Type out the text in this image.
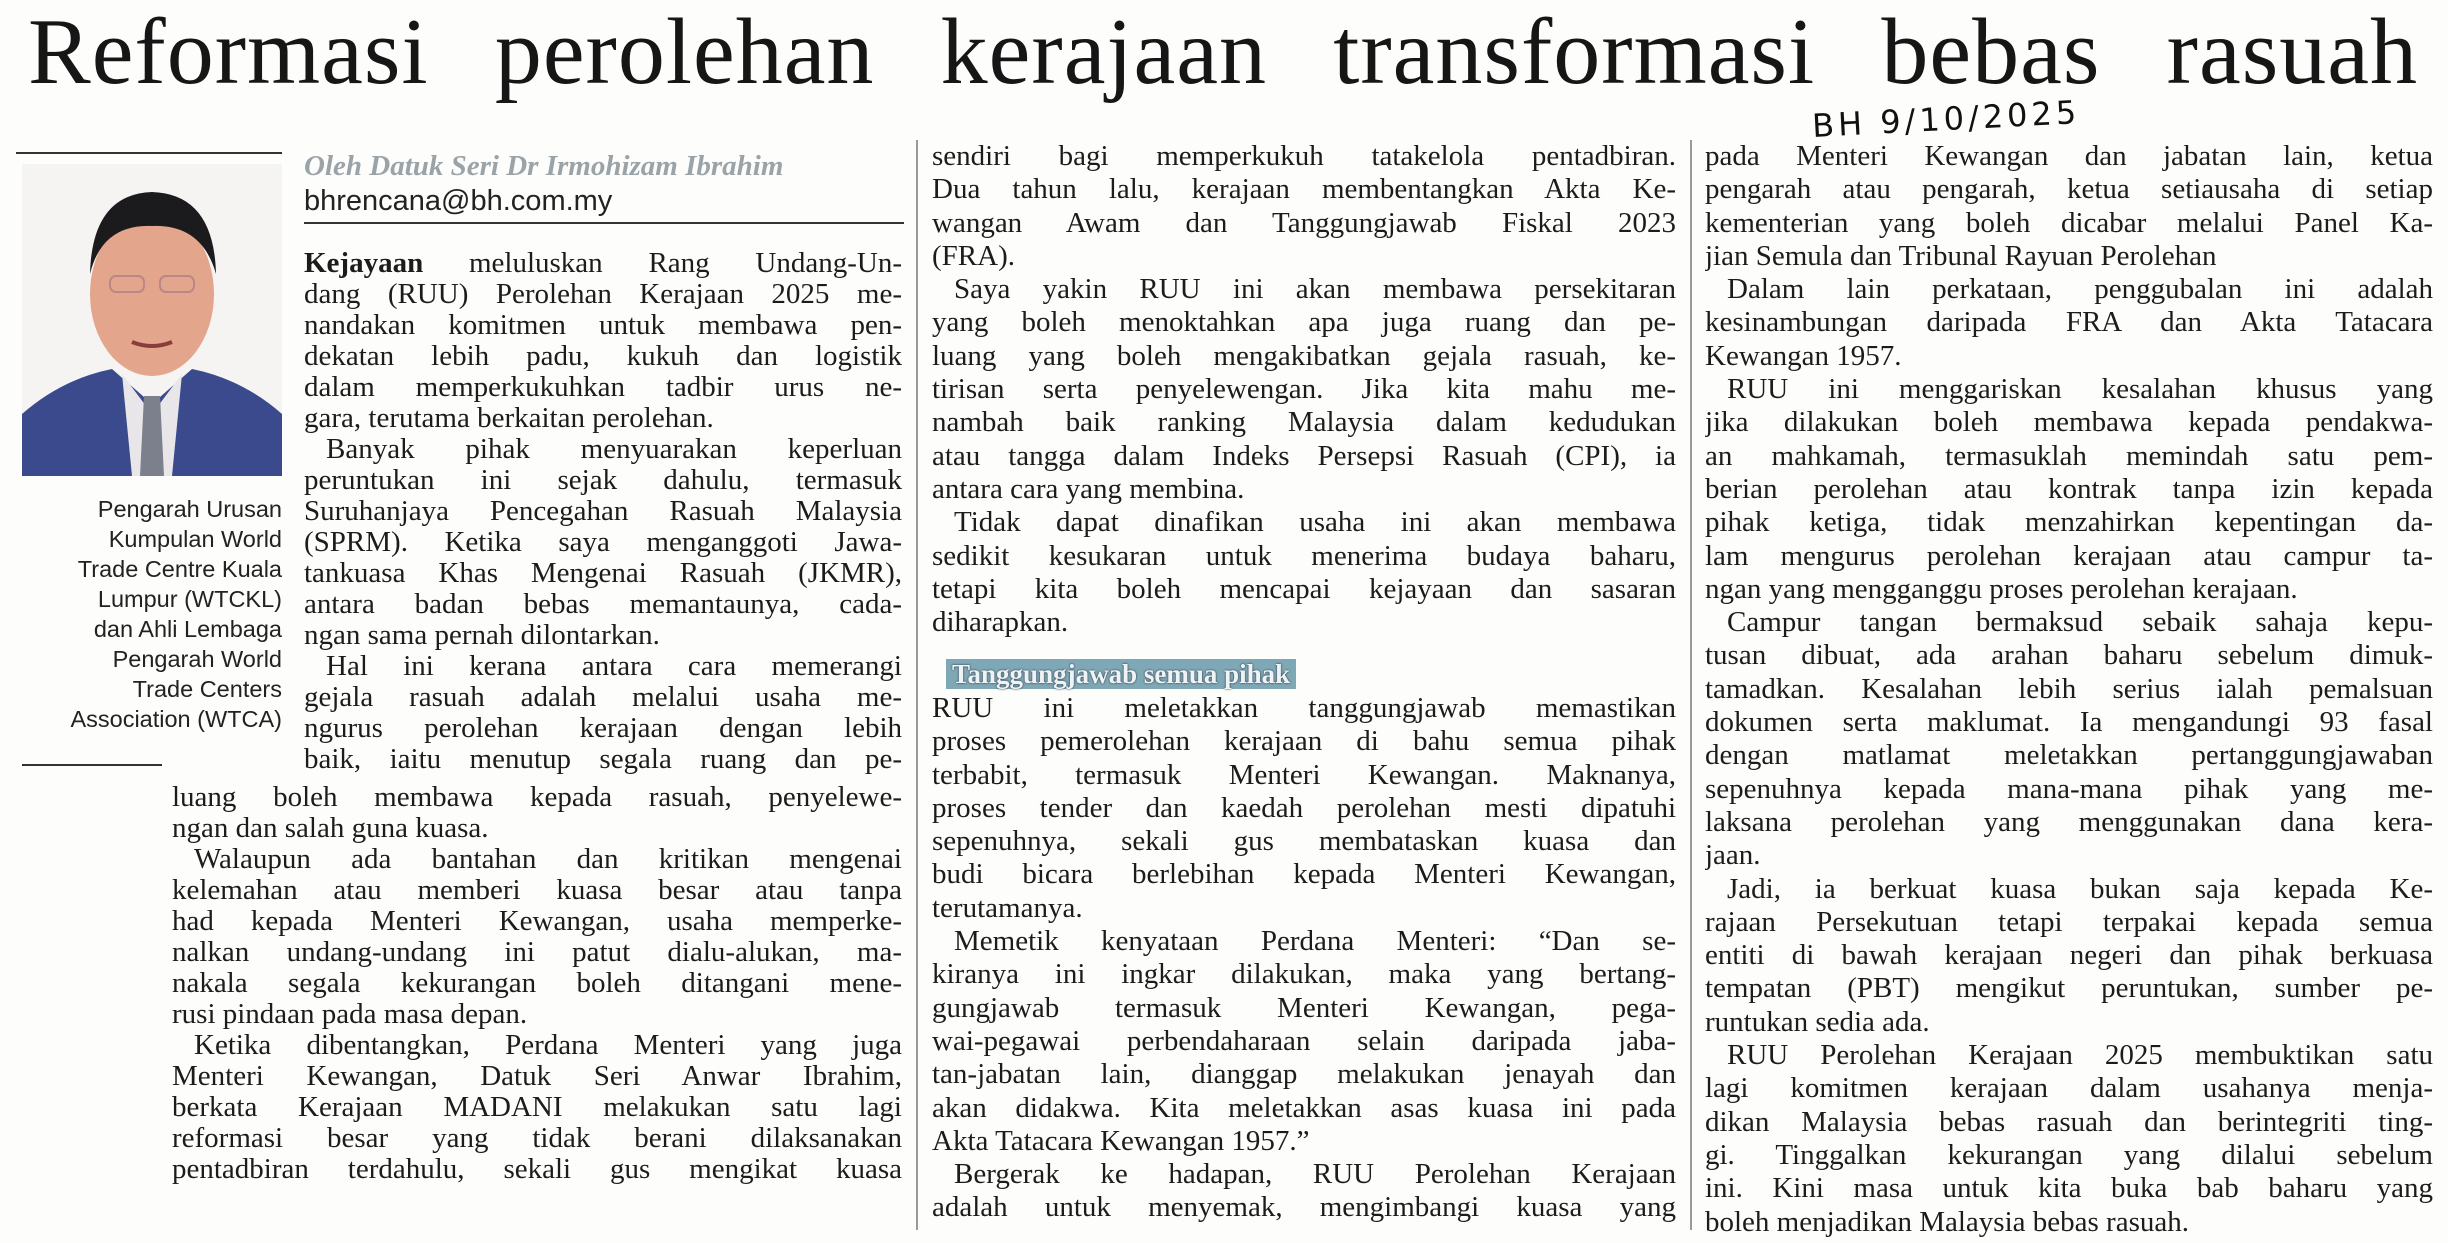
Reformasi perolehan kerajaan transformasi bebas rasuah
BH 9/10/2025
Pengarah Urusan
Kumpulan World
Trade Centre Kuala
Lumpur (WTCKL)
dan Ahli Lembaga
Pengarah World
Trade Centers
Association (WTCA)
Oleh Datuk Seri Dr Irmohizam Ibrahim
bhrencana@bh.com.my
Kejayaan meluluskan Rang Undang-Un-
dang (RUU) Perolehan Kerajaan 2025 me-
nandakan komitmen untuk membawa pen-
dekatan lebih padu, kukuh dan logistik
dalam memperkukuhkan tadbir urus ne-
gara, terutama berkaitan perolehan.
Banyak pihak menyuarakan keperluan
peruntukan ini sejak dahulu, termasuk
Suruhanjaya Pencegahan Rasuah Malaysia
(SPRM). Ketika saya menganggoti Jawa-
tankuasa Khas Mengenai Rasuah (JKMR),
antara badan bebas memantaunya, cada-
ngan sama pernah dilontarkan.
Hal ini kerana antara cara memerangi
gejala rasuah adalah melalui usaha me-
ngurus perolehan kerajaan dengan lebih
baik, iaitu menutup segala ruang dan pe-
luang boleh membawa kepada rasuah, penyelewe-
ngan dan salah guna kuasa.
Walaupun ada bantahan dan kritikan mengenai
kelemahan atau memberi kuasa besar atau tanpa
had kepada Menteri Kewangan, usaha memperke-
nalkan undang-undang ini patut dialu-alukan, ma-
nakala segala kekurangan boleh ditangani mene-
rusi pindaan pada masa depan.
Ketika dibentangkan, Perdana Menteri yang juga
Menteri Kewangan, Datuk Seri Anwar Ibrahim,
berkata Kerajaan MADANI melakukan satu lagi
reformasi besar yang tidak berani dilaksanakan
pentadbiran terdahulu, sekali gus mengikat kuasa
sendiri bagi memperkukuh tatakelola pentadbiran.
Dua tahun lalu, kerajaan membentangkan Akta Ke-
wangan Awam dan Tanggungjawab Fiskal 2023
(FRA).
Saya yakin RUU ini akan membawa persekitaran
yang boleh menoktahkan apa juga ruang dan pe-
luang yang boleh mengakibatkan gejala rasuah, ke-
tirisan serta penyelewengan. Jika kita mahu me-
nambah baik ranking Malaysia dalam kedudukan
atau tangga dalam Indeks Persepsi Rasuah (CPI), ia
antara cara yang membina.
Tidak dapat dinafikan usaha ini akan membawa
sedikit kesukaran untuk menerima budaya baharu,
tetapi kita boleh mencapai kejayaan dan sasaran
diharapkan.
Tanggungjawab semua pihak
RUU ini meletakkan tanggungjawab memastikan
proses pemerolehan kerajaan di bahu semua pihak
terbabit, termasuk Menteri Kewangan. Maknanya,
proses tender dan kaedah perolehan mesti dipatuhi
sepenuhnya, sekali gus membataskan kuasa dan
budi bicara berlebihan kepada Menteri Kewangan,
terutamanya.
Memetik kenyataan Perdana Menteri: “Dan se-
kiranya ini ingkar dilakukan, maka yang bertang-
gungjawab termasuk Menteri Kewangan, pega-
wai-pegawai perbendaharaan selain daripada jaba-
tan-jabatan lain, dianggap melakukan jenayah dan
akan didakwa. Kita meletakkan asas kuasa ini pada
Akta Tatacara Kewangan 1957.”
Bergerak ke hadapan, RUU Perolehan Kerajaan
adalah untuk menyemak, mengimbangi kuasa yang
pada Menteri Kewangan dan jabatan lain, ketua
pengarah atau pengarah, ketua setiausaha di setiap
kementerian yang boleh dicabar melalui Panel Ka-
jian Semula dan Tribunal Rayuan Perolehan
Dalam lain perkataan, penggubalan ini adalah
kesinambungan daripada FRA dan Akta Tatacara
Kewangan 1957.
RUU ini menggariskan kesalahan khusus yang
jika dilakukan boleh membawa kepada pendakwa-
an mahkamah, termasuklah memindah satu pem-
berian perolehan atau kontrak tanpa izin kepada
pihak ketiga, tidak menzahirkan kepentingan da-
lam mengurus perolehan kerajaan atau campur ta-
ngan yang mengganggu proses perolehan kerajaan.
Campur tangan bermaksud sebaik sahaja kepu-
tusan dibuat, ada arahan baharu sebelum dimuk-
tamadkan. Kesalahan lebih serius ialah pemalsuan
dokumen serta maklumat. Ia mengandungi 93 fasal
dengan matlamat meletakkan pertanggungjawaban
sepenuhnya kepada mana-mana pihak yang me-
laksana perolehan yang menggunakan dana kera-
jaan.
Jadi, ia berkuat kuasa bukan saja kepada Ke-
rajaan Persekutuan tetapi terpakai kepada semua
entiti di bawah kerajaan negeri dan pihak berkuasa
tempatan (PBT) mengikut peruntukan, sumber pe-
runtukan sedia ada.
RUU Perolehan Kerajaan 2025 membuktikan satu
lagi komitmen kerajaan dalam usahanya menja-
dikan Malaysia bebas rasuah dan berintegriti ting-
gi. Tinggalkan kekurangan yang dilalui sebelum
ini. Kini masa untuk kita buka bab baharu yang
boleh menjadikan Malaysia bebas rasuah.
